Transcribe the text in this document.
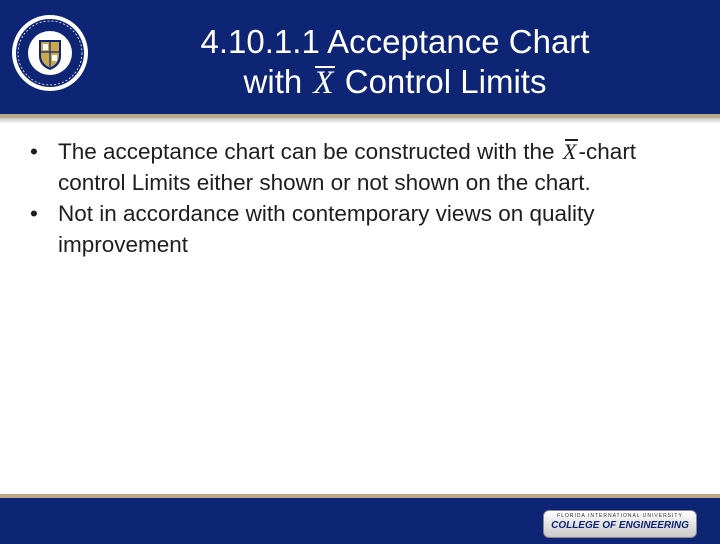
4.10.1.1 Acceptance Chart
with X Control Limits
• The acceptance chart can be constructed with the X-chart control Limits either shown or not shown on the chart.
• Not in accordance with contemporary views on quality improvement
FLORIDA INTERNATIONAL UNIVERSITY
COLLEGE OF ENGINEERING
